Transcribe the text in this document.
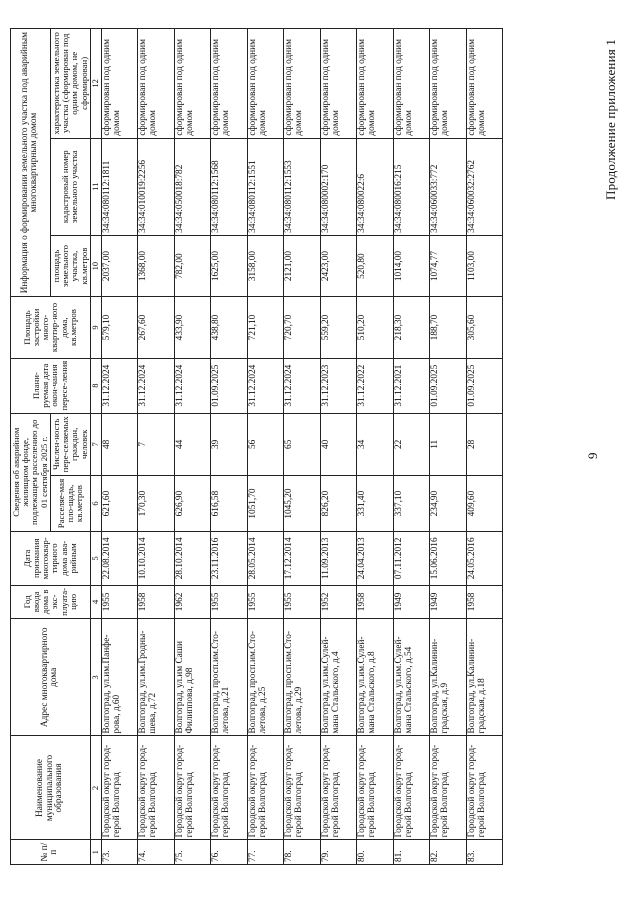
9
Продолжение приложения 1
№ п/п	Наименование муниципального образования	Адрес многоквартирного дома	Год ввода дома в экс-плуата-цию	Дата признания многоквар-тирного дома ава-рийным	Сведения об аварийном жилищном фонде, подлежащем расселению до 01 сентября 2025 г.		Плани-руемая дата окон-чания пересе-ления	Площадь застройки много-квартир-ного дома, кв.метров	Информация о формировании земельного участка под аварийным многоквартирным домом		
					Расселяе-мая пло-щадь, кв.метров	Числен-ность пере-селяемых граждан, человек			площадь земельного участка, кв.метров	кадастровый номер земельного участка	характеристика земельного участка (сформирован под одним домом, не сформирован)
1	2	3	4	5	6	7	8	9	10	11	12
73.	Городской округ город-герой Волгоград	Волгоград, ул.им.Панфе-рова, д.60	1955	22.08.2014	621,60	48	31.12.2024	579,10	2037,00	34:34:080112:1811	сформирован под одним домом
74.	Городской округ город-герой Волгоград	Волгоград, ул.им.Гродны-шева, д.72	1958	10.10.2014	170,30	7	31.12.2024	267,60	1368,00	34:34:010019:2256	сформирован под одним домом
75.	Городской округ город-герой Волгоград	Волгоград, ул.им Саши Филиппова, д.98	1962	28.10.2014	626,90	44	31.12.2024	433,90	782,00	34:34:050018:782	сформирован под одним домом
76.	Городской округ город-герой Волгоград	Волгоград, просп.им.Сто-летова, д.21	1955	23.11.2016	616,58	39	01.09.2025	438,80	1625,00	34:34:080112:1568	сформирован под одним домом
77.	Городской округ город-герой Волгоград	Волгоград, просп.им.Сто-летова, д.25	1955	28.05.2014	1051,70	56	31.12.2024	721,10	3158,00	34:34:080112:1551	сформирован под одним домом
78.	Городской округ город-герой Волгоград	Волгоград, просп.им.Сто-летова, д.29	1955	17.12.2014	1045,20	65	31.12.2024	720,70	2121,00	34:34:080112:1553	сформирован под одним домом
79.	Городской округ город-герой Волгоград	Волгоград, ул.им.Сулей-мана Стальского, д.4	1952	11.09.2013	826,20	40	31.12.2023	559,20	2423,00	34:34:080002:170	сформирован под одним домом
80.	Городской округ город-герой Волгоград	Волгоград, ул.им.Сулей-мана Стальского, д.8	1958	24.04.2013	331,40	34	31.12.2022	510,20	520,80	34:34:080022:6	сформирован под одним домом
81.	Городской округ город-герой Волгоград	Волгоград, ул.им.Сулей-мана Стальского, д.54	1949	07.11.2012	337,10	22	31.12.2021	218,30	1014,00	34:34:080016:215	сформирован под одним домом
82.	Городской округ город-герой Волгоград	Волгоград, ул.Калинин-градская, д.9	1949	15.06.2016	234,90	11	01.09.2025	188,70	1074,77	34:34:060033:772	сформирован под одним домом
83.	Городской округ город-герой Волгоград	Волгоград, ул.Калинин-градская, д.18	1958	24.05.2016	409,60	28	01.09.2025	305,60	1103,00	34:34:060032:2762	сформирован под одним домом
